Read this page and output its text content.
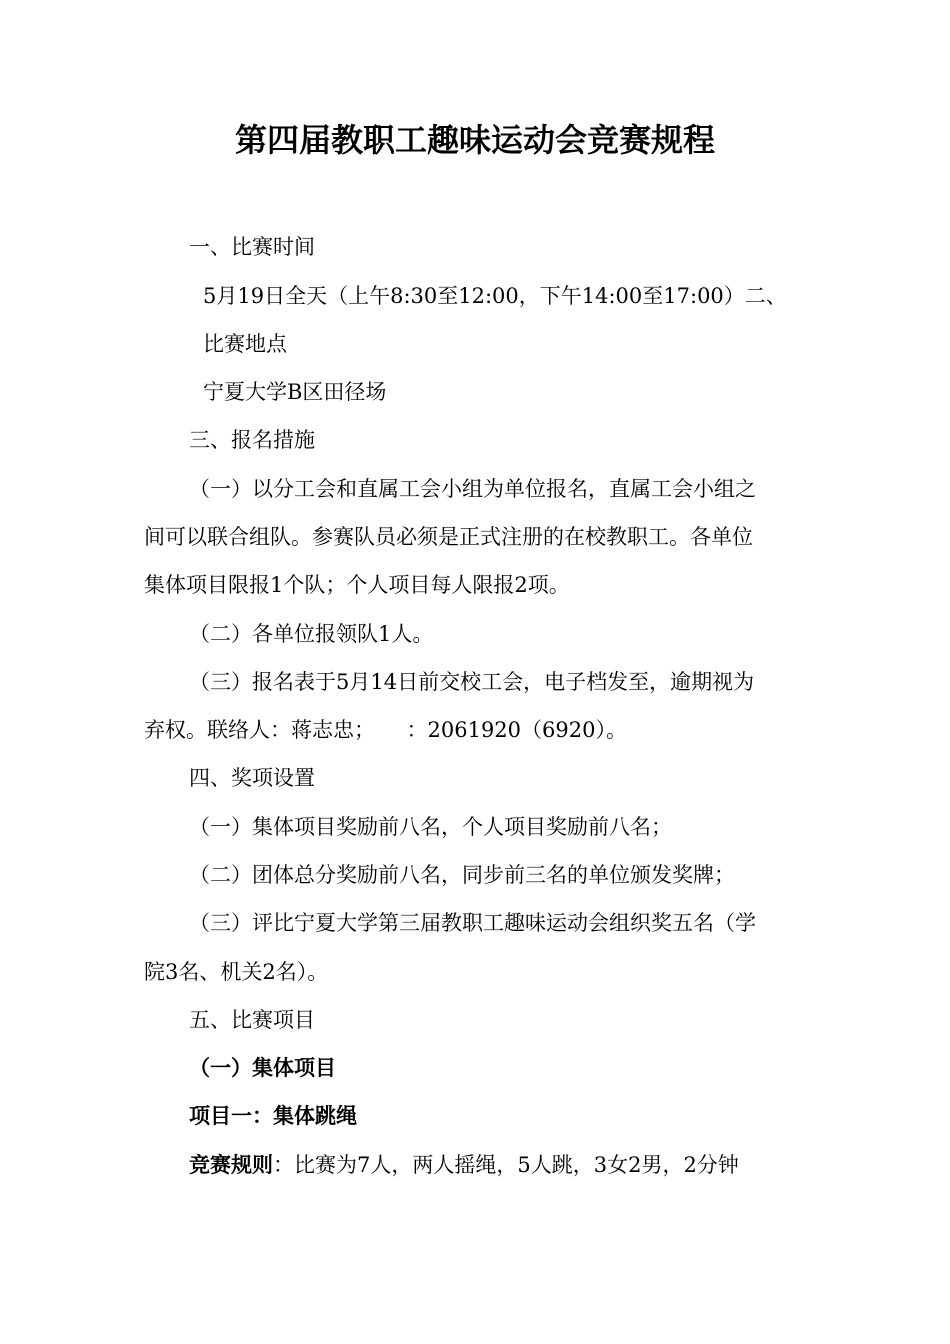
第四届教职工趣味运动会竞赛规程
一、比赛时间
5月19日全天（上午8:30至12:00，下午14:00至17:00）二、
比赛地点
宁夏大学B区田径场
三、报名措施
（一）以分工会和直属工会小组为单位报名，直属工会小组之
间可以联合组队。参赛队员必须是正式注册的在校教职工。各单位
集体项目限报1个队；个人项目每人限报2项。
（二）各单位报领队1人。
（三）报名表于5月14日前交校工会，电子档发至，逾期视为
弃权。联络人：蒋志忠；　　：2061920（6920）。
四、奖项设置
（一）集体项目奖励前八名，个人项目奖励前八名；
（二）团体总分奖励前八名，同步前三名的单位颁发奖牌；
（三）评比宁夏大学第三届教职工趣味运动会组织奖五名（学
院3名、机关2名）。
五、比赛项目
（一）集体项目
项目一：集体跳绳
竞赛规则：比赛为7人，两人摇绳，5人跳，3女2男，2分钟
